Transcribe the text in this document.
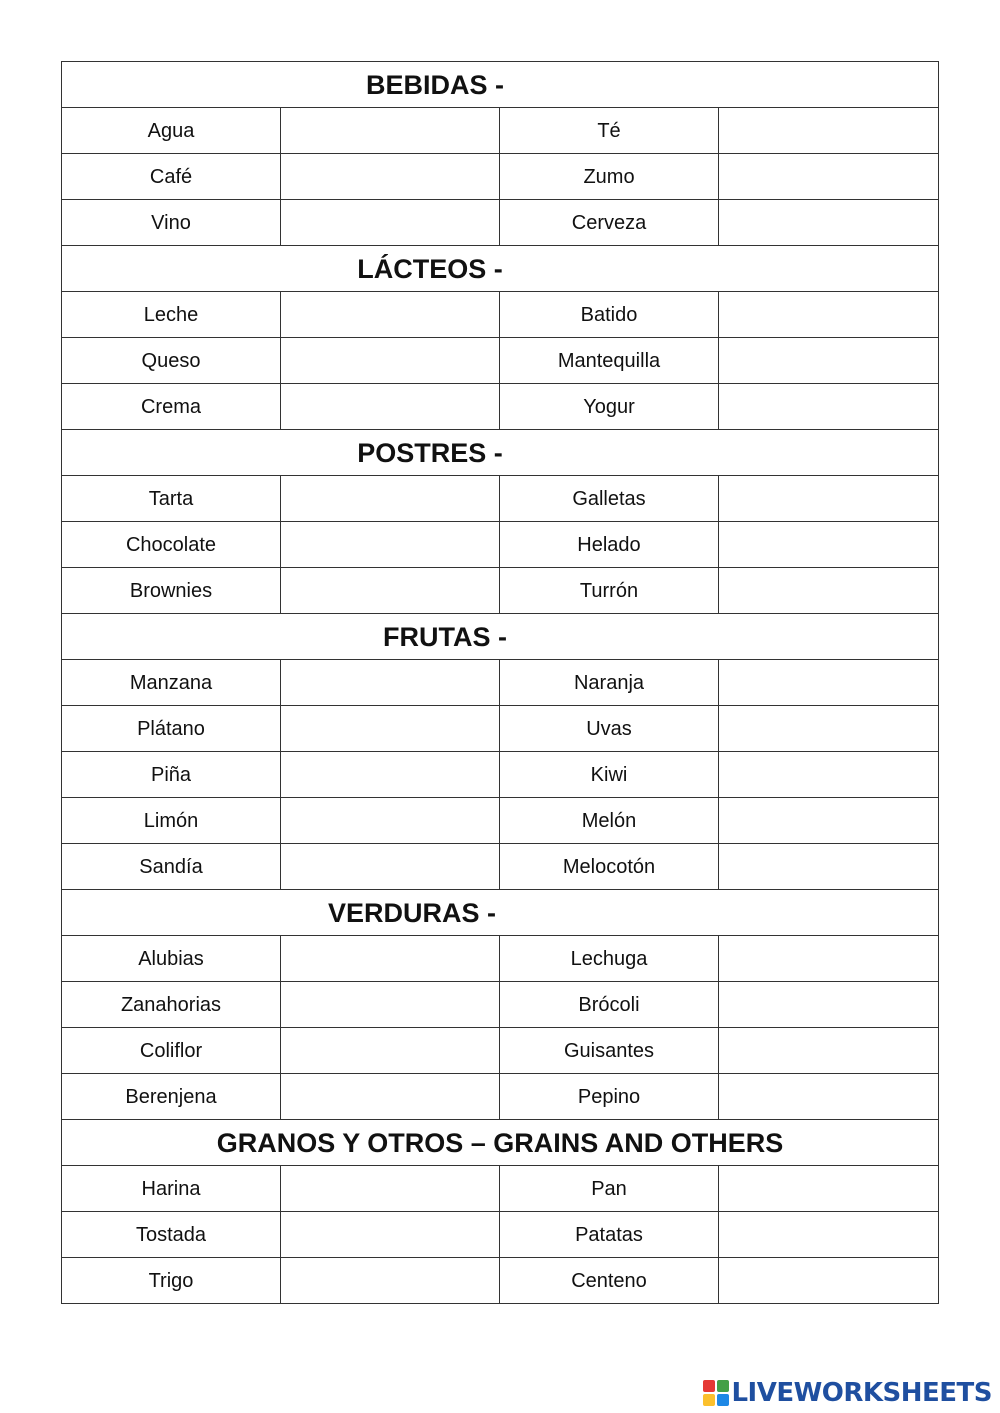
BEBIDAS -			
Agua		Té	
Café		Zumo	
Vino		Cerveza	
LÁCTEOS -			
Leche		Batido	
Queso		Mantequilla	
Crema		Yogur	
POSTRES -			
Tarta		Galletas	
Chocolate		Helado	
Brownies		Turrón	
FRUTAS -			
Manzana		Naranja	
Plátano		Uvas	
Piña		Kiwi	
Limón		Melón	
Sandía		Melocotón	
VERDURAS -			
Alubias		Lechuga	
Zanahorias		Brócoli	
Coliflor		Guisantes	
Berenjena		Pepino	
GRANOS Y OTROS – GRAINS AND OTHERS			
Harina		Pan	
Tostada		Patatas	
Trigo		Centeno	
LIVEWORKSHEETS
